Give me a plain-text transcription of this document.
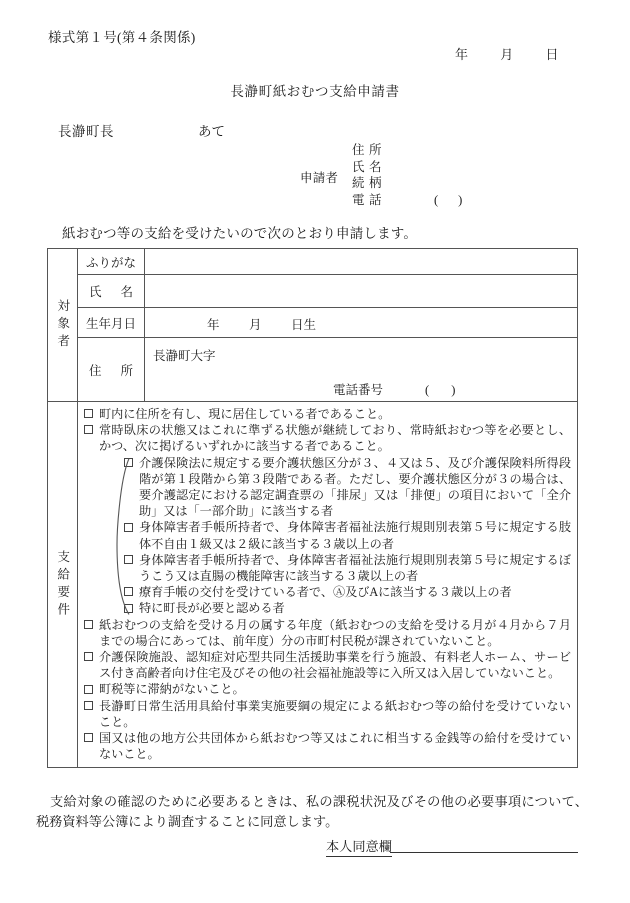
様式第１号(第４条関係)
年 月 日
長瀞町紙おむつ支給申請書
長瀞町長	あて
申請者
住 所
氏 名
続 柄
電 話	()
紙おむつ等の支給を受けたいので次のとおり申請します。
対象者
ふりがな
氏 名
生年月日	年 月 日生
住 所
長瀞町大字
電話番号	()
支給要件
町内に住所を有し、現に居住している者であること。
常時臥床の状態又はこれに準ずる状態が継続しており、常時紙おむつ等を必要とし、かつ、次に掲げるいずれかに該当する者であること。
介護保険法に規定する要介護状態区分が３、４又は５、及び介護保険料所得段階が第１段階から第３段階である者。ただし、要介護状態区分が３の場合は、要介護認定における認定調査票の「排尿」又は「排便」の項目において「全介助」又は「一部介助」に該当する者
身体障害者手帳所持者で、身体障害者福祉法施行規則別表第５号に規定する肢体不自由１級又は２級に該当する３歳以上の者
身体障害者手帳所持者で、身体障害者福祉法施行規則別表第５号に規定するぼうこう又は直腸の機能障害に該当する３歳以上の者
療育手帳の交付を受けている者で、Ⓐ及びAに該当する３歳以上の者
特に町長が必要と認める者
紙おむつの支給を受ける月の属する年度（紙おむつの支給を受ける月が４月から７月までの場合にあっては、前年度）分の市町村民税が課されていないこと。
介護保険施設、認知症対応型共同生活援助事業を行う施設、有料老人ホーム、サービス付き高齢者向け住宅及びその他の社会福祉施設等に入所又は入居していないこと。
町税等に滞納がないこと。
長瀞町日常生活用具給付事業実施要綱の規定による紙おむつ等の給付を受けていないこと。
国又は他の地方公共団体から紙おむつ等又はこれに相当する金銭等の給付を受けていないこと。
支給対象の確認のために必要あるときは、私の課税状況及びその他の必要事項について、税務資料等公簿により調査することに同意します。
本人同意欄
